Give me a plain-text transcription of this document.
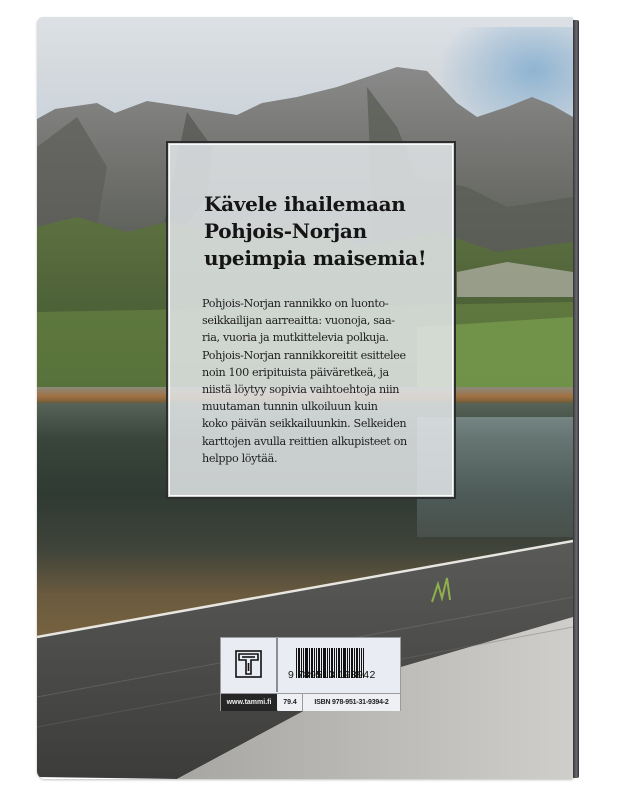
Kävele ihailemaan
Pohjois-Norjan
upeimpia maisemia!
Pohjois-Norjan rannikko on luonto-
seikkailijan aarreaitta: vuonoja, saa-
ria, vuoria ja mutkittelevia polkuja.
Pohjois-Norjan rannikkoreitit esittelee
noin 100 eripituista päiväretkeä, ja
niistä löytyy sopivia vaihtoehtoja niin
muutaman tunnin ulkoiluun kuin
koko päivän seikkailuunkin. Selkeiden
karttojen avulla reittien alkupisteet on
helppo löytää.
9 789513 193942
www.tammi.fi	79.4	ISBN 978-951-31-9394-2
